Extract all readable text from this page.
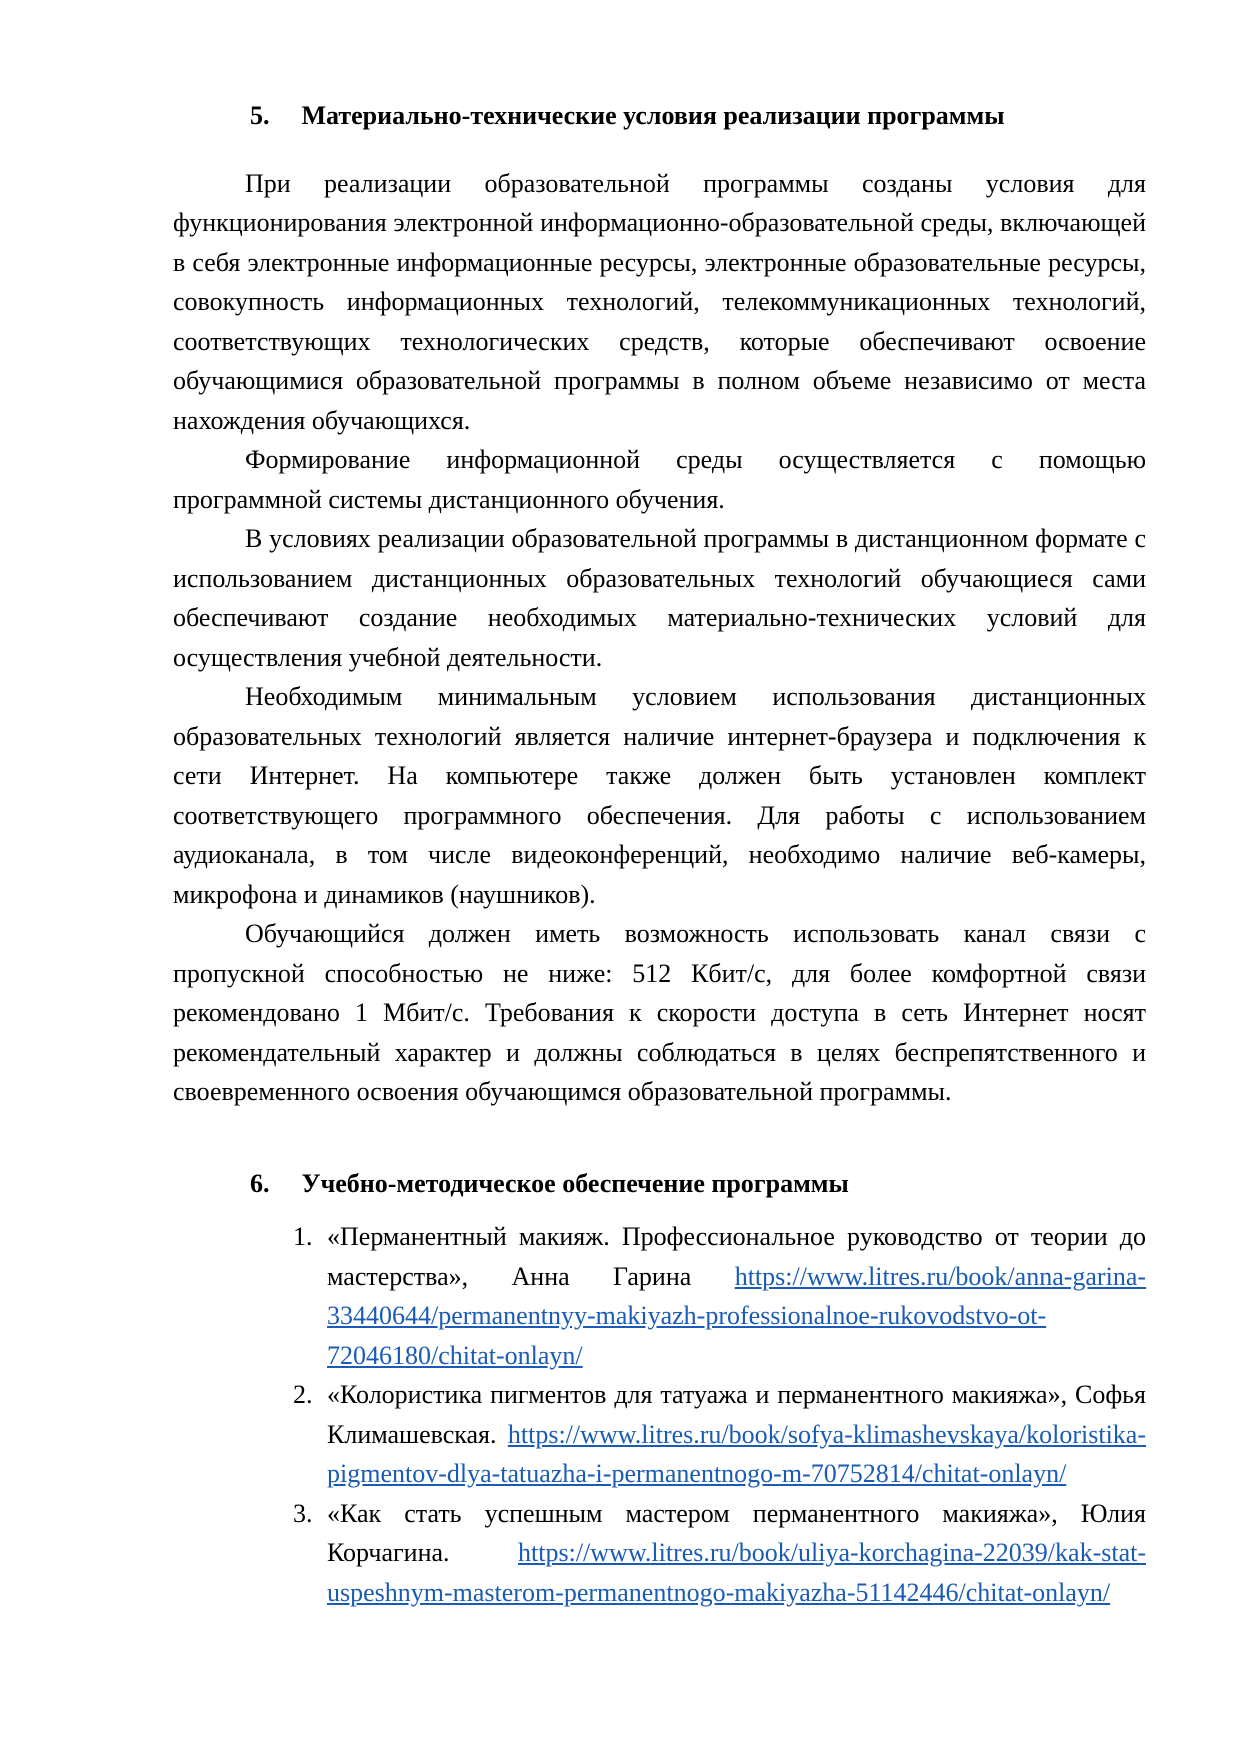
5. Материально-технические условия реализации программы

При реализации образовательной программы созданы условия для функционирования электронной информационно-образовательной среды, включающей в себя электронные информационные ресурсы, электронные образовательные ресурсы, совокупность информационных технологий, телекоммуникационных технологий, соответствующих технологических средств, которые обеспечивают освоение обучающимися образовательной программы в полном объеме независимо от места нахождения обучающихся.

Формирование информационной среды осуществляется с помощью программной системы дистанционного обучения.

В условиях реализации образовательной программы в дистанционном формате с использованием дистанционных образовательных технологий обучающиеся сами обеспечивают создание необходимых материально-технических условий для осуществления учебной деятельности.

Необходимым минимальным условием использования дистанционных образовательных технологий является наличие интернет-браузера и подключения к сети Интернет. На компьютере также должен быть установлен комплект соответствующего программного обеспечения. Для работы с использованием аудиоканала, в том числе видеоконференций, необходимо наличие веб-камеры, микрофона и динамиков (наушников).

Обучающийся должен иметь возможность использовать канал связи с пропускной способностью не ниже: 512 Кбит/с, для более комфортной связи рекомендовано 1 Мбит/с. Требования к скорости доступа в сеть Интернет носят рекомендательный характер и должны соблюдаться в целях беспрепятственного и своевременного освоения обучающимся образовательной программы.

6. Учебно-методическое обеспечение программы
1. «Перманентный макияж. Профессиональное руководство от теории до мастерства», Анна Гарина https://www.litres.ru/book/anna-garina-33440644/permanentnyy-makiyazh-professionalnoe-rukovodstvo-ot-72046180/chitat-onlayn/
2. «Колористика пигментов для татуажа и перманентного макияжа», Софья Климашевская. https://www.litres.ru/book/sofya-klimashevskaya/koloristika-pigmentov-dlya-tatuazha-i-permanentnogo-m-70752814/chitat-onlayn/
3. «Как стать успешным мастером перманентного макияжа», Юлия Корчагина.	https://www.litres.ru/book/uliya-korchagina-22039/kak-stat-uspeshnym-masterom-permanentnogo-makiyazha-51142446/chitat-onlayn/
